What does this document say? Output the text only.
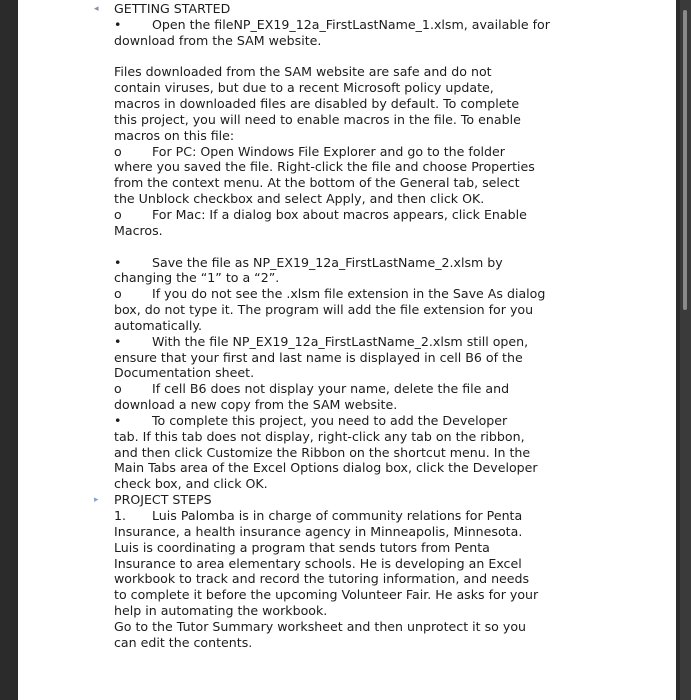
◂ GETTING STARTED
• Open the fileNP_EX19_12a_FirstLastName_1.xlsm, available for
download from the SAM website.
Files downloaded from the SAM website are safe and do not
contain viruses, but due to a recent Microsoft policy update,
macros in downloaded files are disabled by default. To complete
this project, you will need to enable macros in the file. To enable
macros on this file:
o For PC: Open Windows File Explorer and go to the folder
where you saved the file. Right-click the file and choose Properties
from the context menu. At the bottom of the General tab, select
the Unblock checkbox and select Apply, and then click OK.
o For Mac: If a dialog box about macros appears, click Enable
Macros.
• Save the file as NP_EX19_12a_FirstLastName_2.xlsm by
changing the “1” to a “2”.
o If you do not see the .xlsm file extension in the Save As dialog
box, do not type it. The program will add the file extension for you
automatically.
• With the file NP_EX19_12a_FirstLastName_2.xlsm still open,
ensure that your first and last name is displayed in cell B6 of the
Documentation sheet.
o If cell B6 does not display your name, delete the file and
download a new copy from the SAM website.
• To complete this project, you need to add the Developer
tab. If this tab does not display, right-click any tab on the ribbon,
and then click Customize the Ribbon on the shortcut menu. In the
Main Tabs area of the Excel Options dialog box, click the Developer
check box, and click OK.
▸ PROJECT STEPS
1. Luis Palomba is in charge of community relations for Penta
Insurance, a health insurance agency in Minneapolis, Minnesota.
Luis is coordinating a program that sends tutors from Penta
Insurance to area elementary schools. He is developing an Excel
workbook to track and record the tutoring information, and needs
to complete it before the upcoming Volunteer Fair. He asks for your
help in automating the workbook.
Go to the Tutor Summary worksheet and then unprotect it so you
can edit the contents.
